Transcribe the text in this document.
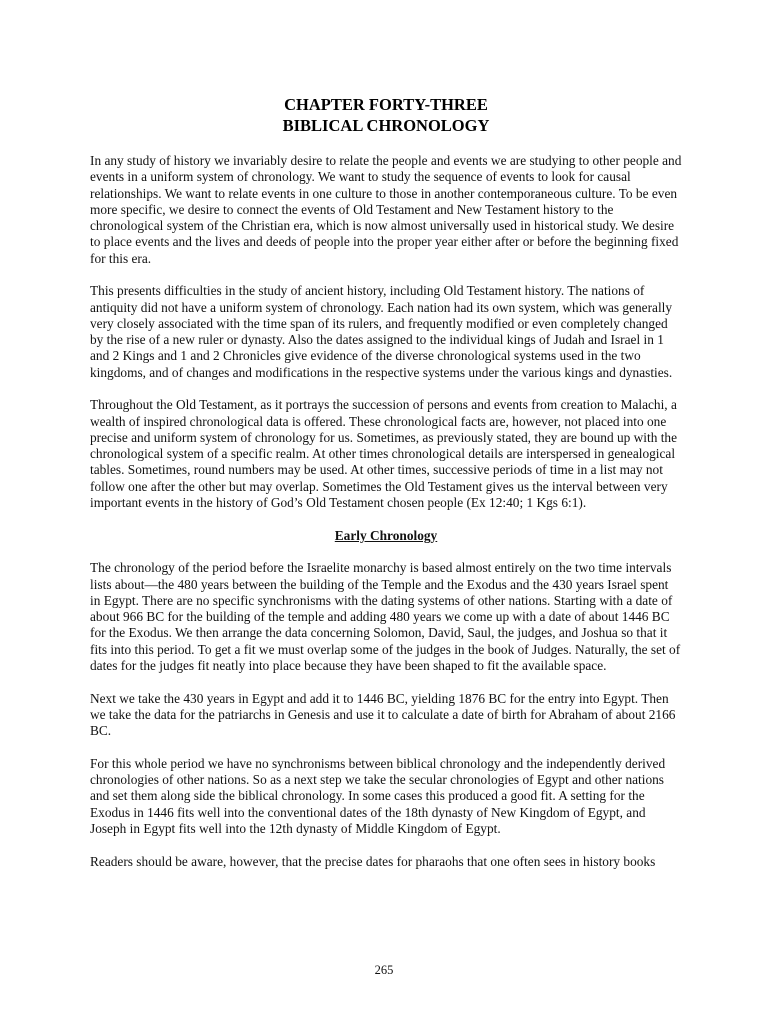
CHAPTER FORTY-THREE
BIBLICAL CHRONOLOGY

In any study of history we invariably desire to relate the people and events we are studying to other people and events in a uniform system of chronology. We want to study the sequence of events to look for causal relationships. We want to relate events in one culture to those in another contemporaneous culture. To be even more specific, we desire to connect the events of Old Testament and New Testament history to the chronological system of the Christian era, which is now almost universally used in historical study. We desire to place events and the lives and deeds of people into the proper year either after or before the beginning fixed for this era.

This presents difficulties in the study of ancient history, including Old Testament history. The nations of antiquity did not have a uniform system of chronology. Each nation had its own system, which was generally very closely associated with the time span of its rulers, and frequently modified or even completely changed by the rise of a new ruler or dynasty. Also the dates assigned to the individual kings of Judah and Israel in 1 and 2 Kings and 1 and 2 Chronicles give evidence of the diverse chronological systems used in the two kingdoms, and of changes and modifications in the respective systems under the various kings and dynasties.

Throughout the Old Testament, as it portrays the succession of persons and events from creation to Malachi, a wealth of inspired chronological data is offered. These chronological facts are, however, not placed into one precise and uniform system of chronology for us. Sometimes, as previously stated, they are bound up with the chronological system of a specific realm. At other times chronological details are interspersed in genealogical tables. Sometimes, round numbers may be used. At other times, successive periods of time in a list may not follow one after the other but may overlap. Sometimes the Old Testament gives us the interval between very important events in the history of God’s Old Testament chosen people (Ex 12:40; 1 Kgs 6:1).

Early Chronology

The chronology of the period before the Israelite monarchy is based almost entirely on the two time intervals lists about—the 480 years between the building of the Temple and the Exodus and the 430 years Israel spent in Egypt. There are no specific synchronisms with the dating systems of other nations. Starting with a date of about 966 BC for the building of the temple and adding 480 years we come up with a date of about 1446 BC for the Exodus. We then arrange the data concerning Solomon, David, Saul, the judges, and Joshua so that it fits into this period. To get a fit we must overlap some of the judges in the book of Judges. Naturally, the set of dates for the judges fit neatly into place because they have been shaped to fit the available space.

Next we take the 430 years in Egypt and add it to 1446 BC, yielding 1876 BC for the entry into Egypt. Then we take the data for the patriarchs in Genesis and use it to calculate a date of birth for Abraham of about 2166 BC.

For this whole period we have no synchronisms between biblical chronology and the independently derived chronologies of other nations. So as a next step we take the secular chronologies of Egypt and other nations and set them along side the biblical chronology. In some cases this produced a good fit. A setting for the Exodus in 1446 fits well into the conventional dates of the 18th dynasty of New Kingdom of Egypt, and Joseph in Egypt fits well into the 12th dynasty of Middle Kingdom of Egypt.

Readers should be aware, however, that the precise dates for pharaohs that one often sees in history books

265
